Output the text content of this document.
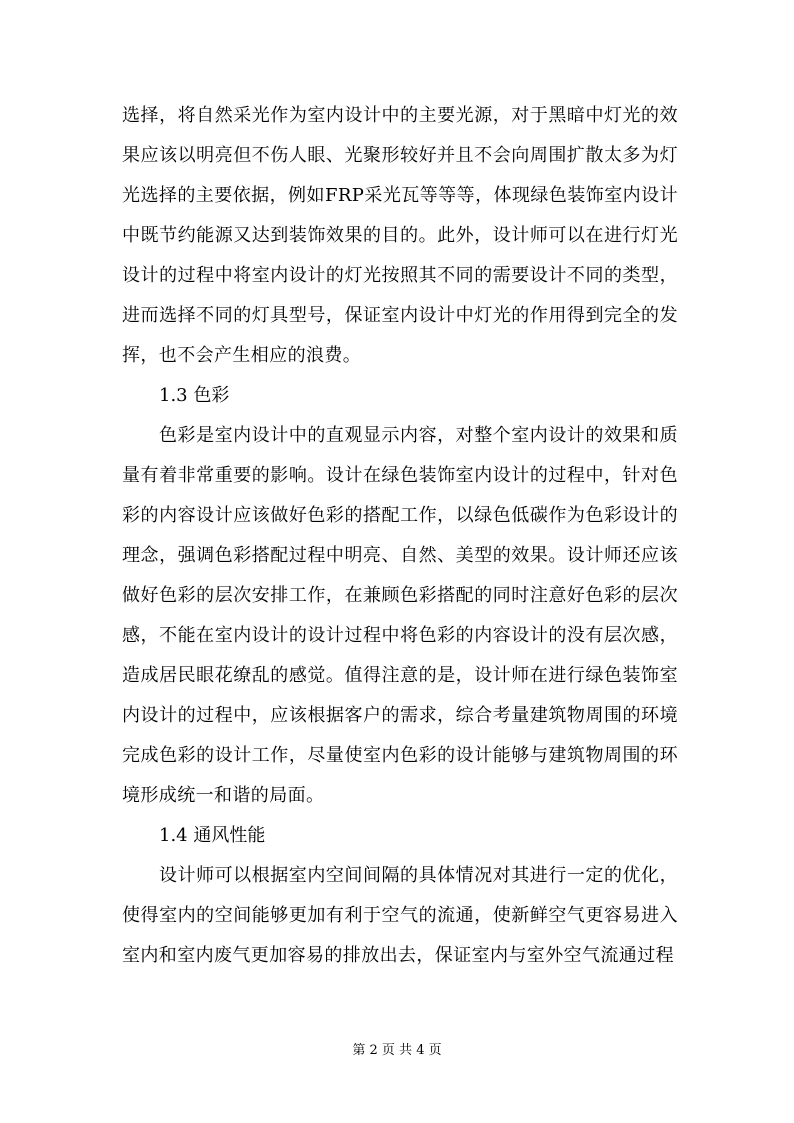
选择，将自然采光作为室内设计中的主要光源，对于黑暗中灯光的效果应该以明亮但不伤人眼、光聚形较好并且不会向周围扩散太多为灯光选择的主要依据，例如FRP采光瓦等等等，体现绿色装饰室内设计中既节约能源又达到装饰效果的目的。此外，设计师可以在进行灯光设计的过程中将室内设计的灯光按照其不同的需要设计不同的类型，进而选择不同的灯具型号，保证室内设计中灯光的作用得到完全的发挥，也不会产生相应的浪费。

1.3 色彩

色彩是室内设计中的直观显示内容，对整个室内设计的效果和质量有着非常重要的影响。设计在绿色装饰室内设计的过程中，针对色彩的内容设计应该做好色彩的搭配工作，以绿色低碳作为色彩设计的理念，强调色彩搭配过程中明亮、自然、美型的效果。设计师还应该做好色彩的层次安排工作，在兼顾色彩搭配的同时注意好色彩的层次感，不能在室内设计的设计过程中将色彩的内容设计的没有层次感，造成居民眼花缭乱的感觉。值得注意的是，设计师在进行绿色装饰室内设计的过程中，应该根据客户的需求，综合考量建筑物周围的环境完成色彩的设计工作，尽量使室内色彩的设计能够与建筑物周围的环境形成统一和谐的局面。

1.4 通风性能

设计师可以根据室内空间间隔的具体情况对其进行一定的优化，使得室内的空间能够更加有利于空气的流通，使新鲜空气更容易进入室内和室内废气更加容易的排放出去，保证室内与室外空气流通过程

第 2 页 共 4 页
